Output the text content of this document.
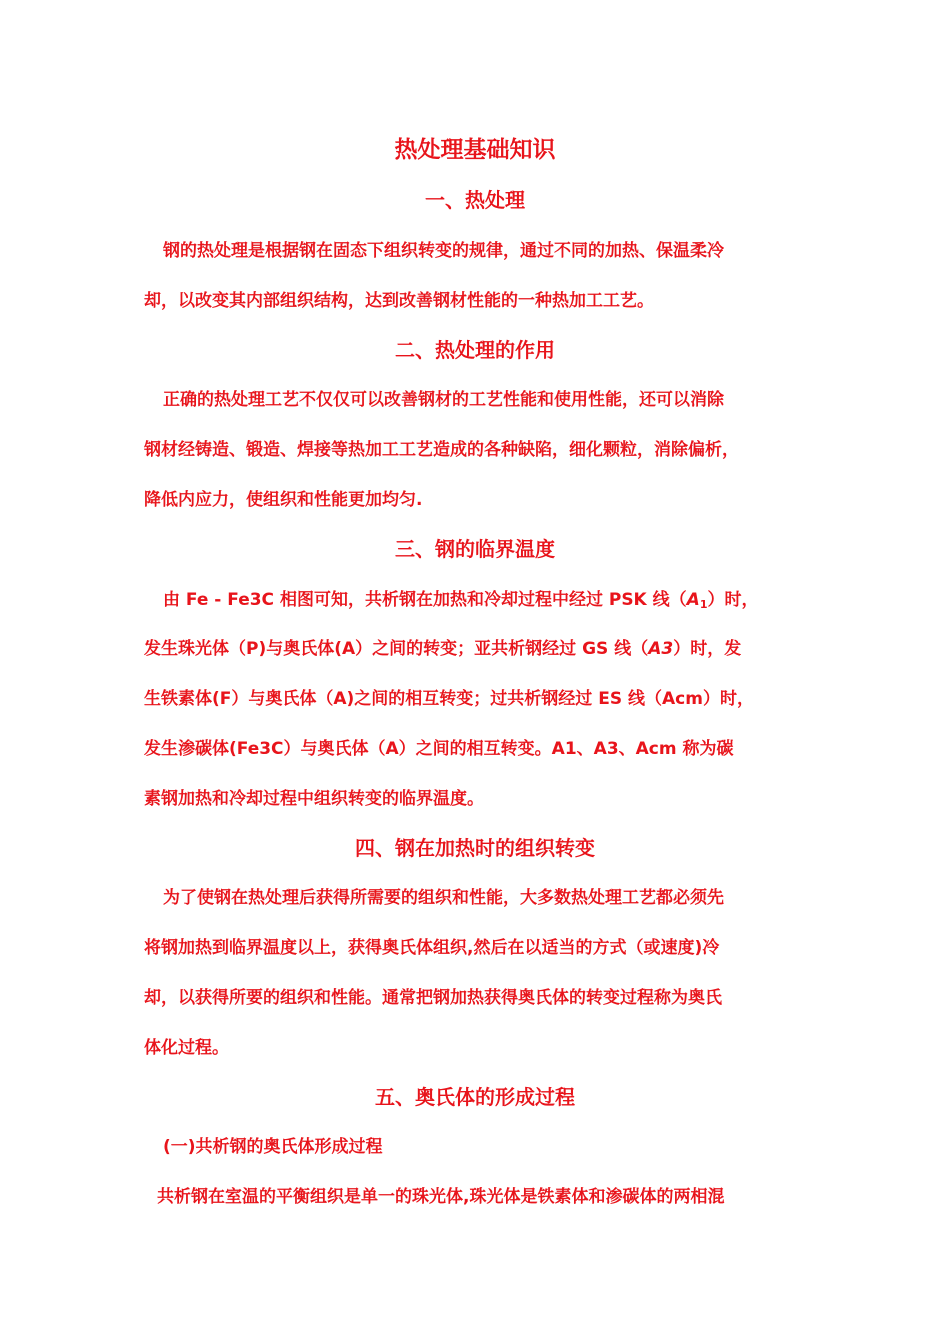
热处理基础知识
一、热处理
钢的热处理是根据钢在固态下组织转变的规律，通过不同的加热、保温柔冷
却，以改变其内部组织结构，达到改善钢材性能的一种热加工工艺。
二、热处理的作用
正确的热处理工艺不仅仅可以改善钢材的工艺性能和使用性能，还可以消除
钢材经铸造、锻造、焊接等热加工工艺造成的各种缺陷，细化颗粒，消除偏析，
降低内应力，使组织和性能更加均匀.
三、钢的临界温度
由 Fe - Fe3C 相图可知，共析钢在加热和冷却过程中经过 PSK 线$(A_1)$时，
发生珠光体（P)与奥氏体(A）之间的转变；亚共析钢经过 GS 线（A3）时，发
生铁素体(F）与奥氏体（A)之间的相互转变；过共析钢经过 ES 线（Acm）时，
发生渗碳体(Fe3C）与奥氏体（A）之间的相互转变。A1、A3、Acm 称为碳
素钢加热和冷却过程中组织转变的临界温度。
四、钢在加热时的组织转变
为了使钢在热处理后获得所需要的组织和性能，大多数热处理工艺都必须先
将钢加热到临界温度以上，获得奥氏体组织,然后在以适当的方式（或速度)冷
却，以获得所要的组织和性能。通常把钢加热获得奥氏体的转变过程称为奥氏
体化过程。
五、奥氏体的形成过程
(一)共析钢的奥氏体形成过程
共析钢在室温的平衡组织是单一的珠光体,珠光体是铁素体和渗碳体的两相混
